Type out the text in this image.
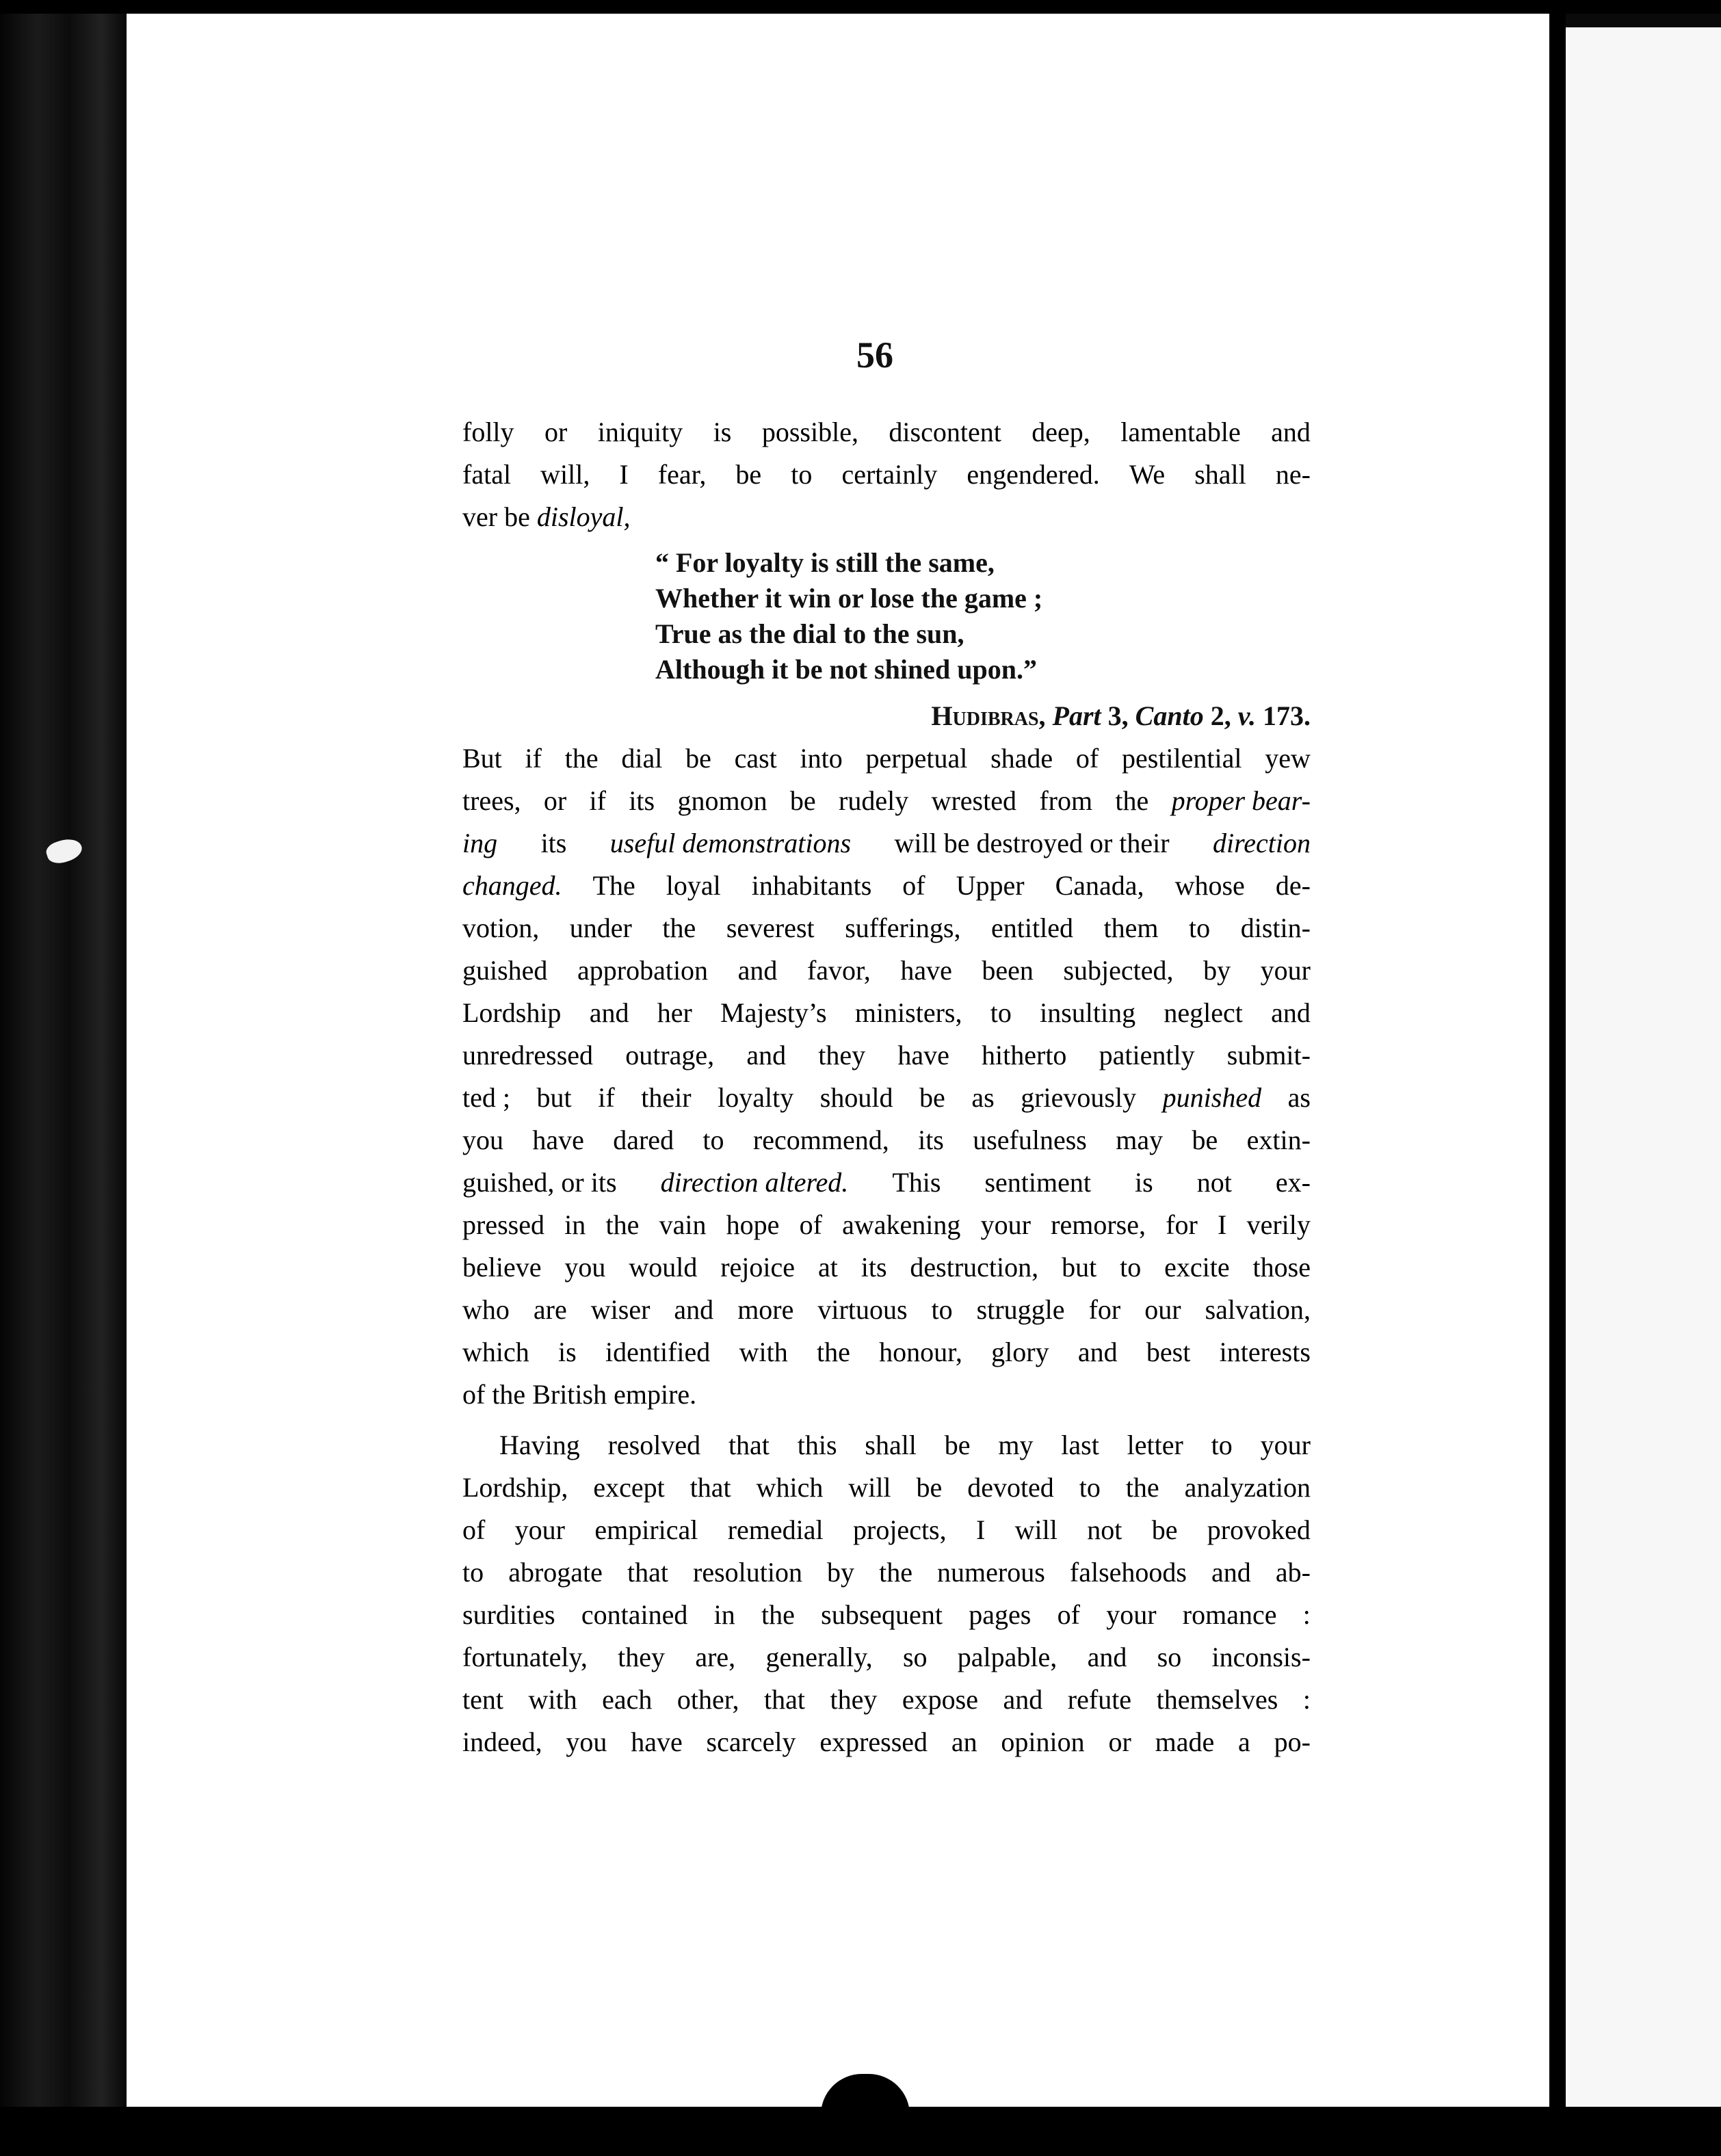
56
folly or iniquity is possible, discontent deep, lamentable and
fatal will, I fear, be to certainly engendered. We shall ne-
ver be
disloyal,
“ For loyalty is still the same,
Whether it win or lose the game ;
True as the dial to the sun,
Although it be not shined upon.”
Hudibras, Part 3, Canto 2, v. 173.
But if the dial be cast into perpetual shade of pestilential yew
trees, or if its gnomon be rudely wrested from the proper bear-
ing its useful demonstrations will be destroyed or their direction
changed. The loyal inhabitants of Upper Canada, whose de-
votion, under the severest sufferings, entitled them to distin-
guished approbation and favor, have been subjected, by your
Lordship and her Majesty’s ministers, to insulting neglect and
unredressed outrage, and they have hitherto patiently submit-
ted ; but if their loyalty should be as grievously punished as
you have dared to recommend, its usefulness may be extin-
guished, or its direction altered. This sentiment is not ex-
pressed in the vain hope of awakening your remorse, for I verily
believe you would rejoice at its destruction, but to excite those
who are wiser and more virtuous to struggle for our salvation,
which is identified with the honour, glory and best interests
of the British empire.
Having resolved that this shall be my last letter to your
Lordship, except that which will be devoted to the analyzation
of your empirical remedial projects, I will not be provoked
to abrogate that resolution by the numerous falsehoods and ab-
surdities contained in the subsequent pages of your romance :
fortunately, they are, generally, so palpable, and so inconsis-
tent with each other, that they expose and refute themselves :
indeed, you have scarcely expressed an opinion or made a po-
